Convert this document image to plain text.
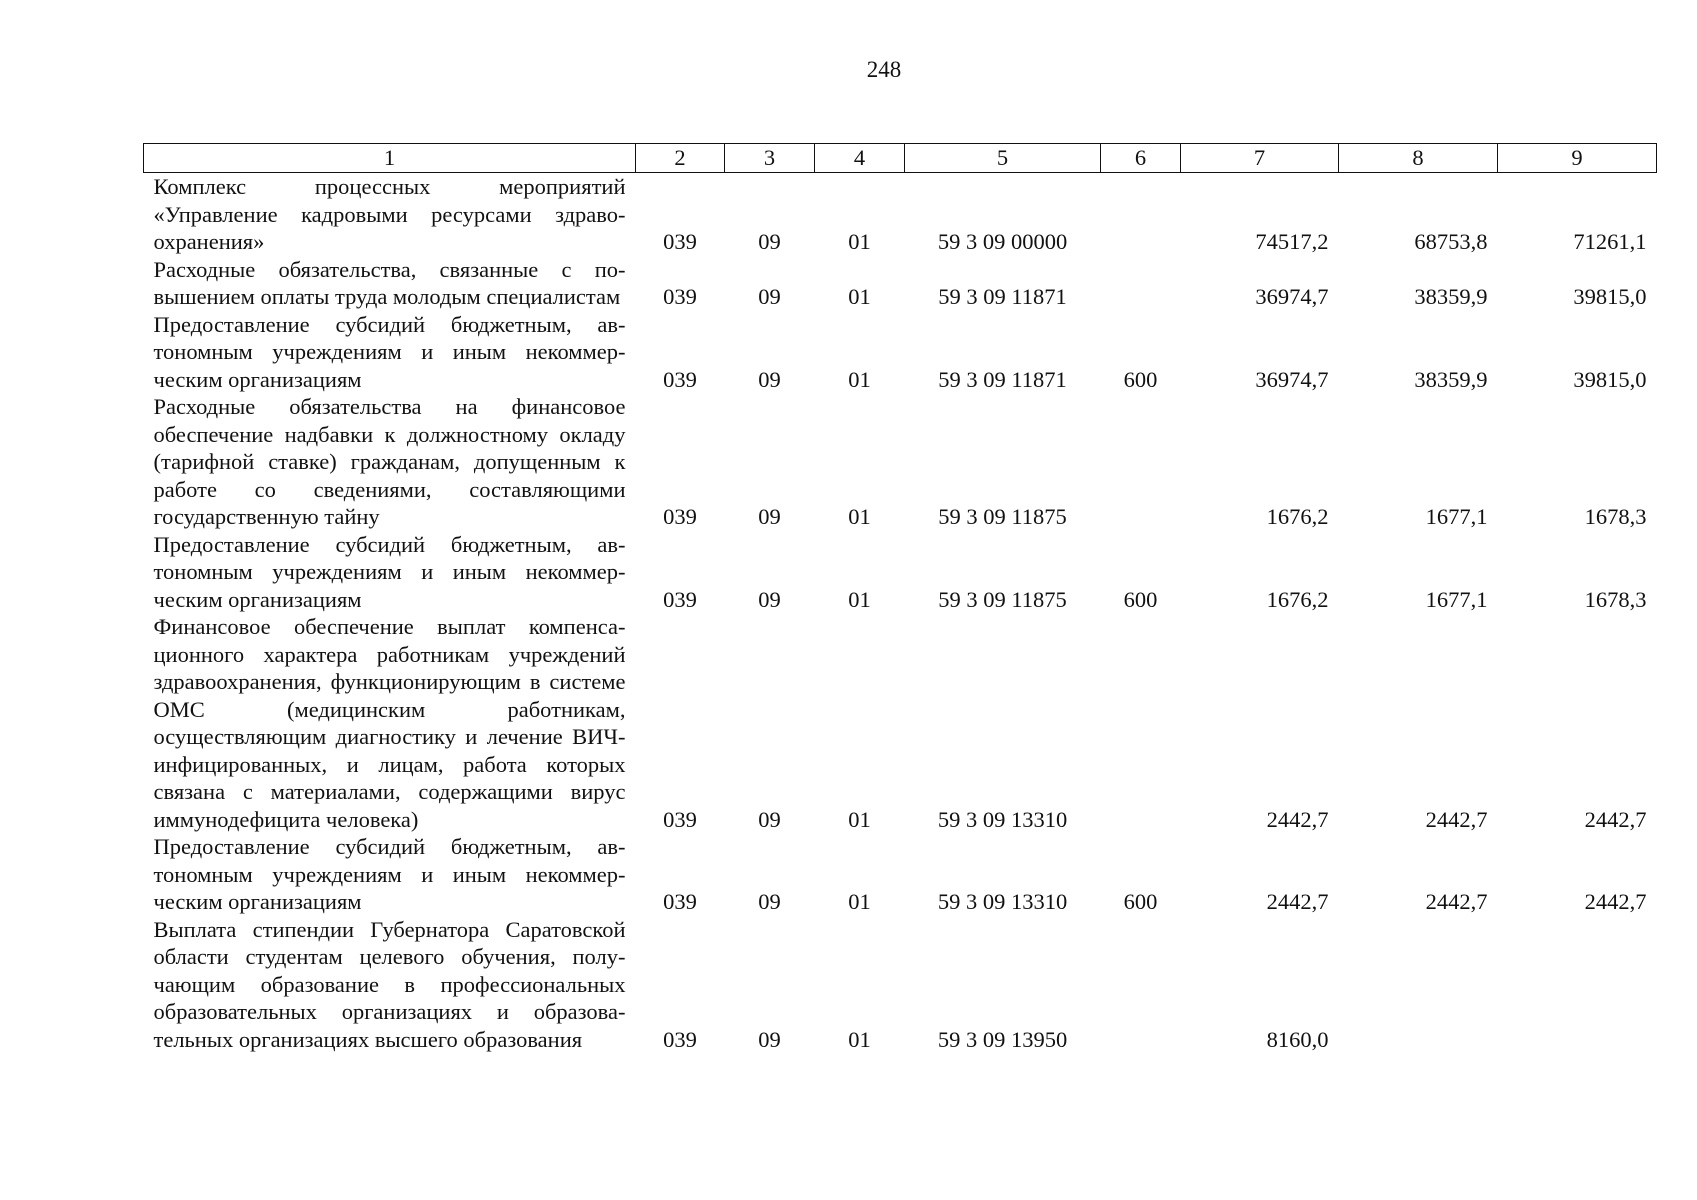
248
1	2	3	4	5	6	7	8	9
Комплекс процессных мероприятий «Управление кадровыми ресурсами здравоохранения»	039	09	01	59 3 09 00000		74517,2	68753,8	71261,1
Расходные обязательства, связанные с повышением оплаты труда молодым специалистам	039	09	01	59 3 09 11871		36974,7	38359,9	39815,0
Предоставление субсидий бюджетным, автономным учреждениям и иным некоммерческим организациям	039	09	01	59 3 09 11871	600	36974,7	38359,9	39815,0
Расходные обязательства на финансовое обеспечение надбавки к должностному окладу (тарифной ставке) гражданам, допущенным к работе со сведениями, составляющими государственную тайну	039	09	01	59 3 09 11875		1676,2	1677,1	1678,3
Предоставление субсидий бюджетным, автономным учреждениям и иным некоммерческим организациям	039	09	01	59 3 09 11875	600	1676,2	1677,1	1678,3
Финансовое обеспечение выплат компенсационного характера работникам учреждений здравоохранения, функционирующим в системе ОМС (медицинским работникам, осуществляющим диагностику и лечение ВИЧ-инфицированных, и лицам, работа которых связана с материалами, содержащими вирус иммунодефицита человека)	039	09	01	59 3 09 13310		2442,7	2442,7	2442,7
Предоставление субсидий бюджетным, автономным учреждениям и иным некоммерческим организациям	039	09	01	59 3 09 13310	600	2442,7	2442,7	2442,7
Выплата стипендии Губернатора Саратовской области студентам целевого обучения, получающим образование в профессиональных образовательных организациях и образовательных организациях высшего образования	039	09	01	59 3 09 13950		8160,0		
